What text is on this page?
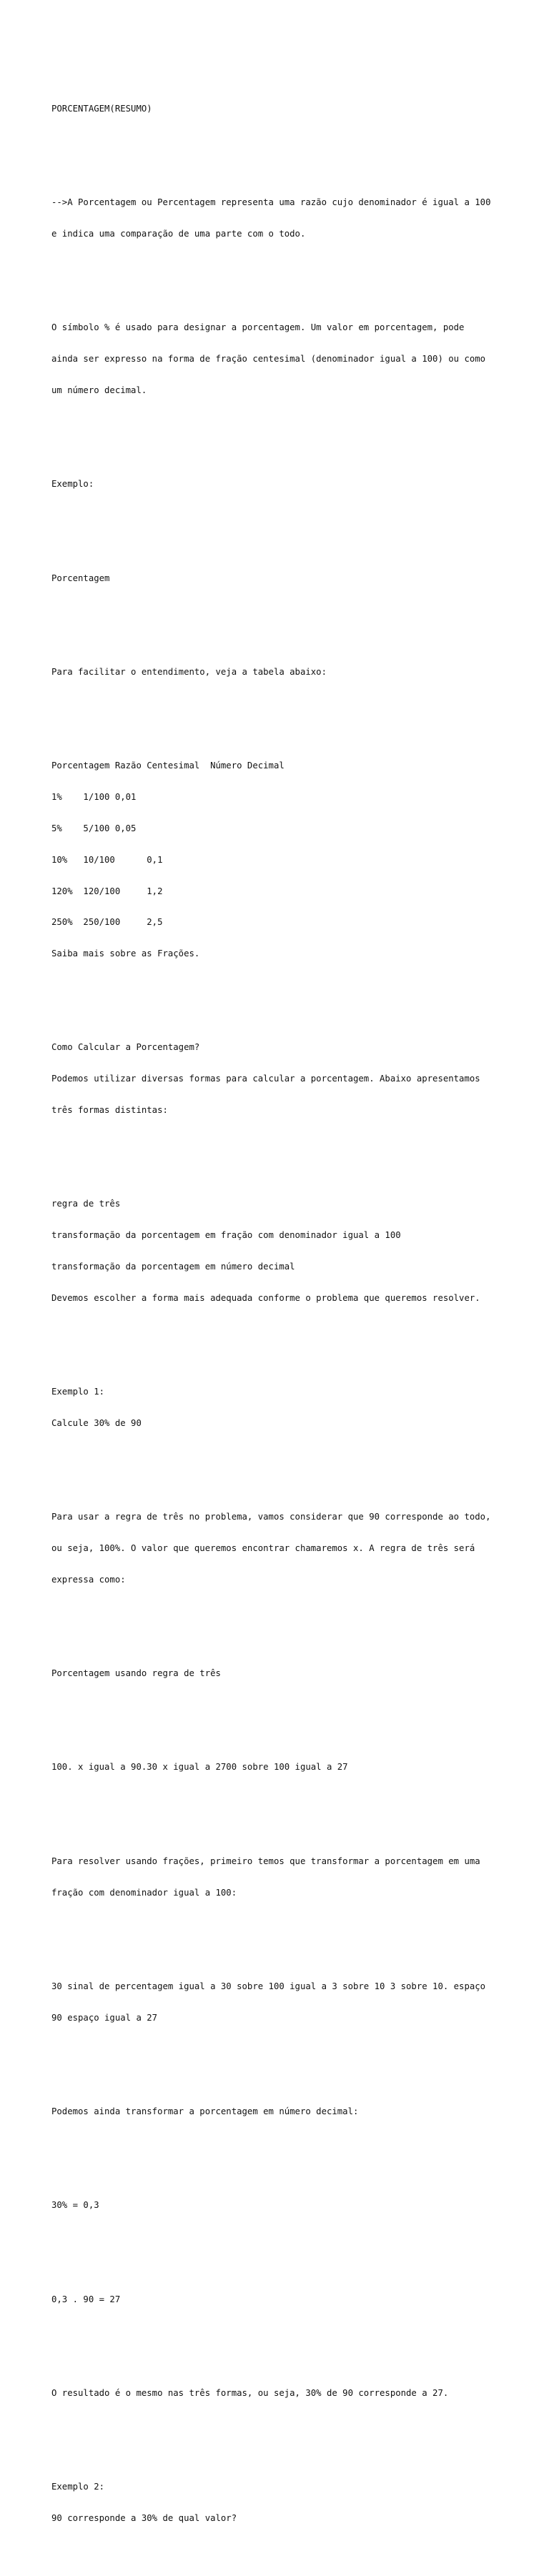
PORCENTAGEM(RESUMO)

-->A Porcentagem ou Percentagem representa uma razão cujo denominador é igual a 100

e indica uma comparação de uma parte com o todo.

O símbolo % é usado para designar a porcentagem. Um valor em porcentagem, pode

ainda ser expresso na forma de fração centesimal (denominador igual a 100) ou como

um número decimal.

Exemplo:

Porcentagem

Para facilitar o entendimento, veja a tabela abaixo:

Porcentagem Razão Centesimal  Número Decimal

1%    1/100 0,01

5%    5/100 0,05

10%   10/100      0,1

120%  120/100     1,2

250%  250/100     2,5

Saiba mais sobre as Frações.

Como Calcular a Porcentagem?

Podemos utilizar diversas formas para calcular a porcentagem. Abaixo apresentamos

três formas distintas:

regra de três

transformação da porcentagem em fração com denominador igual a 100

transformação da porcentagem em número decimal

Devemos escolher a forma mais adequada conforme o problema que queremos resolver.

Exemplo 1:

Calcule 30% de 90

Para usar a regra de três no problema, vamos considerar que 90 corresponde ao todo,

ou seja, 100%. O valor que queremos encontrar chamaremos x. A regra de três será

expressa como:

Porcentagem usando regra de três

100. x igual a 90.30 x igual a 2700 sobre 100 igual a 27

Para resolver usando frações, primeiro temos que transformar a porcentagem em uma

fração com denominador igual a 100:

30 sinal de percentagem igual a 30 sobre 100 igual a 3 sobre 10 3 sobre 10. espaço

90 espaço igual a 27

Podemos ainda transformar a porcentagem em número decimal:

30% = 0,3

0,3 . 90 = 27

O resultado é o mesmo nas três formas, ou seja, 30% de 90 corresponde a 27.

Exemplo 2:

90 corresponde a 30% de qual valor?
